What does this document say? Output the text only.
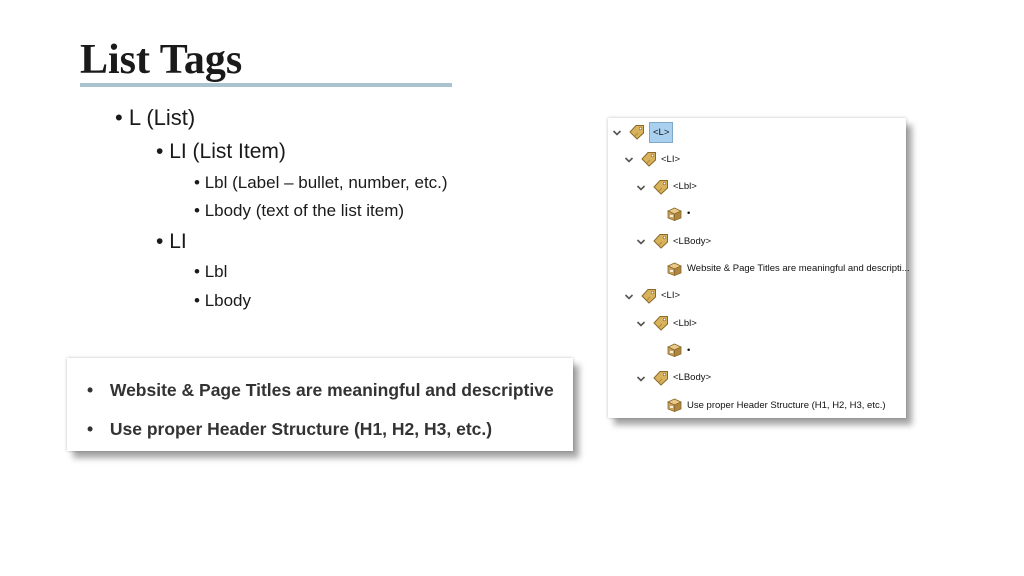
List Tags
• L (List)
• LI (List Item)
• Lbl (Label – bullet, number, etc.)
• Lbody (text of the list item)
• LI
• Lbl
• Lbody
• Website & Page Titles are meaningful and descriptive
• Use proper Header Structure (H1, H2, H3, etc.)
<L>
<LI>
<Lbl>
•
<LBody>
Website & Page Titles are meaningful and descripti...
<LI>
<Lbl>
•
<LBody>
Use proper Header Structure (H1, H2, H3, etc.)
